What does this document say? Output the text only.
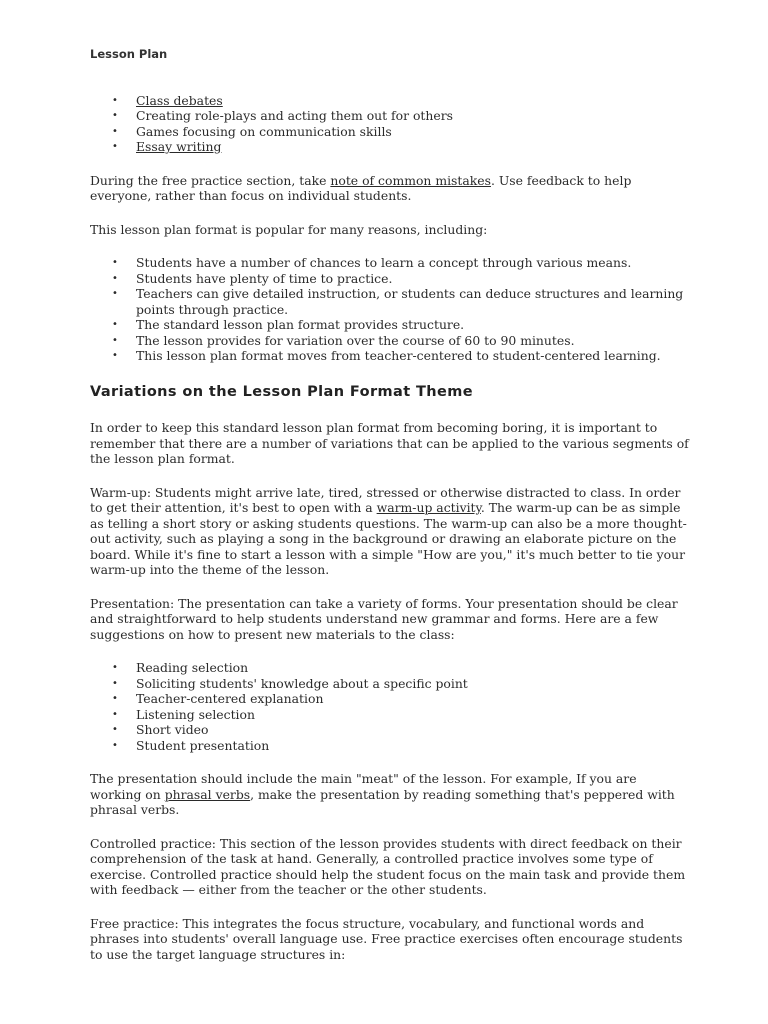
Lesson Plan
• Class debates
• Creating role-plays and acting them out for others
• Games focusing on communication skills
• Essay writing

During the free practice section, take note of common mistakes. Use feedback to help everyone, rather than focus on individual students.

This lesson plan format is popular for many reasons, including:

• Students have a number of chances to learn a concept through various means.
• Students have plenty of time to practice.
• Teachers can give detailed instruction, or students can deduce structures and learning points through practice.
• The standard lesson plan format provides structure.
• The lesson provides for variation over the course of 60 to 90 minutes.
• This lesson plan format moves from teacher-centered to student-centered learning.
Variations on the Lesson Plan Format Theme

In order to keep this standard lesson plan format from becoming boring, it is important to remember that there are a number of variations that can be applied to the various segments of the lesson plan format.

Warm-up: Students might arrive late, tired, stressed or otherwise distracted to class. In order to get their attention, it's best to open with a warm-up activity. The warm-up can be as simple as telling a short story or asking students questions. The warm-up can also be a more thought-out activity, such as playing a song in the background or drawing an elaborate picture on the board. While it's fine to start a lesson with a simple "How are you," it's much better to tie your warm-up into the theme of the lesson.

Presentation: The presentation can take a variety of forms. Your presentation should be clear and straightforward to help students understand new grammar and forms. Here are a few suggestions on how to present new materials to the class:

• Reading selection
• Soliciting students' knowledge about a specific point
• Teacher-centered explanation
• Listening selection
• Short video
• Student presentation

The presentation should include the main "meat" of the lesson. For example, If you are working on phrasal verbs, make the presentation by reading something that's peppered with phrasal verbs.

Controlled practice: This section of the lesson provides students with direct feedback on their comprehension of the task at hand. Generally, a controlled practice involves some type of exercise. Controlled practice should help the student focus on the main task and provide them with feedback — either from the teacher or the other students.

Free practice: This integrates the focus structure, vocabulary, and functional words and phrases into students' overall language use. Free practice exercises often encourage students to use the target language structures in:
